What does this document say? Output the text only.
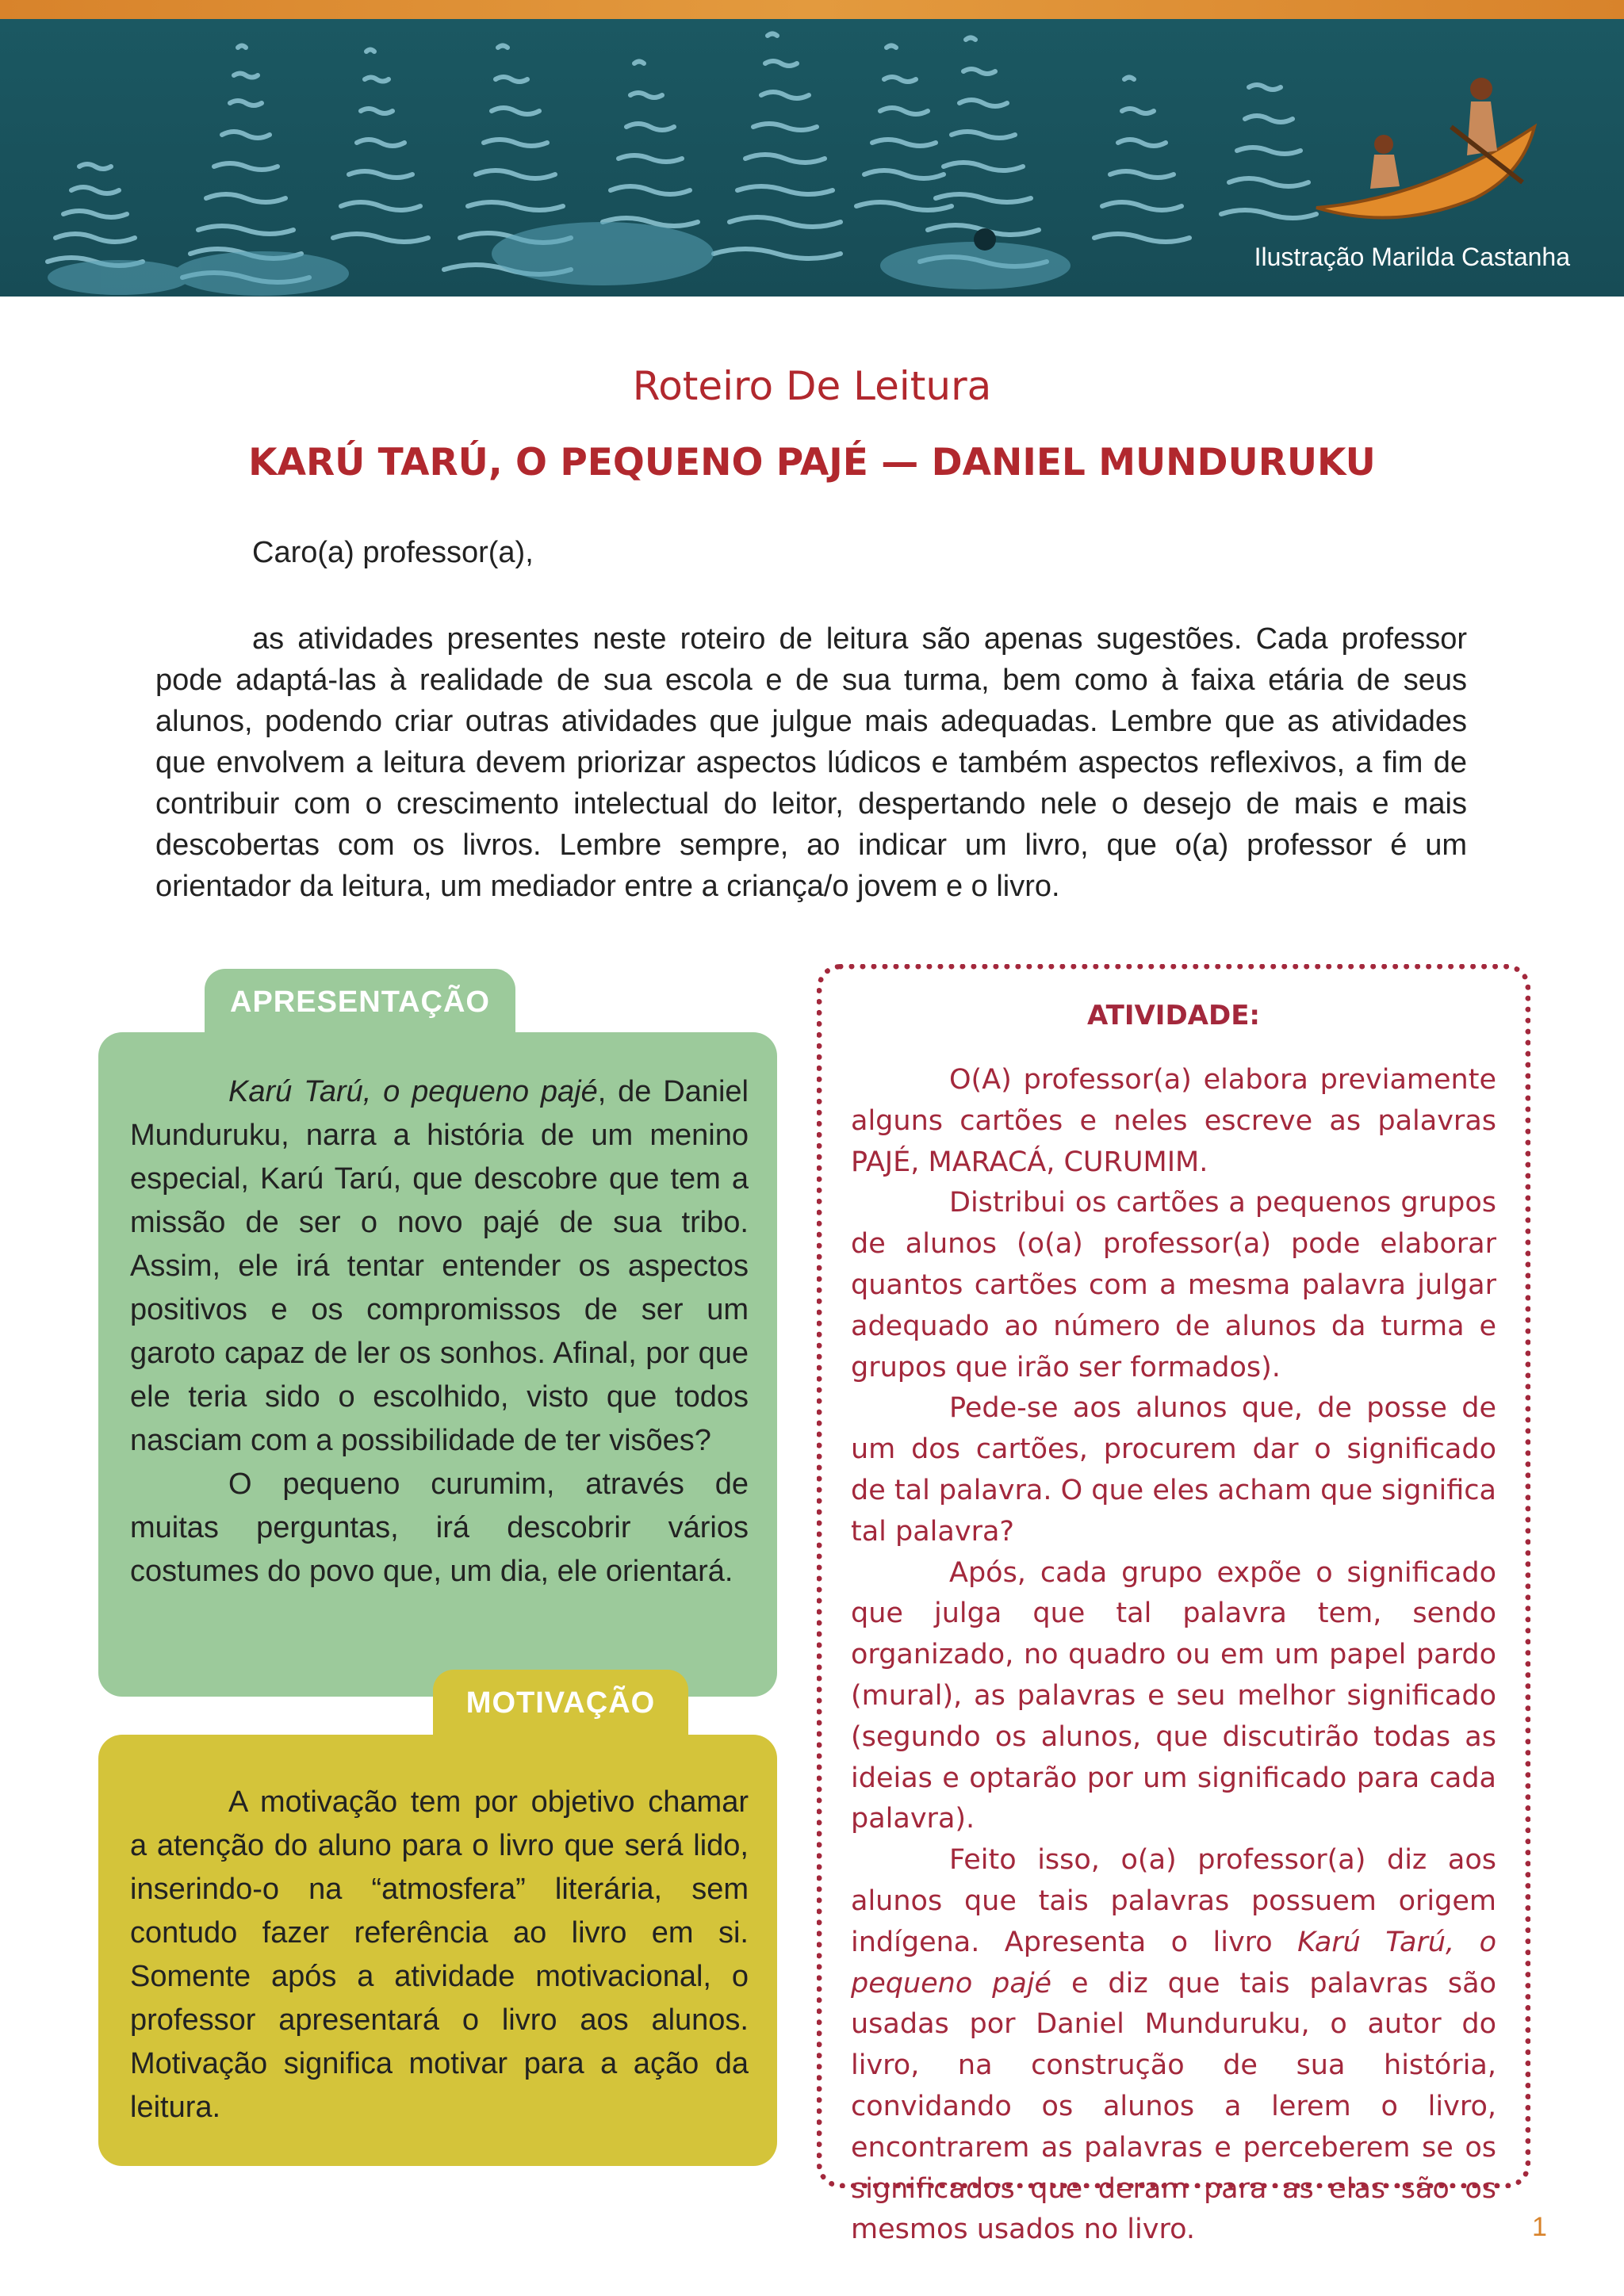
Ilustração Marilda Castanha
Roteiro De Leitura
KARÚ TARÚ, O PEQUENO PAJÉ — DANIEL MUNDURUKU
Caro(a) professor(a),

as atividades presentes neste roteiro de leitura são apenas sugestões. Cada professor pode adaptá-las à realidade de sua escola e de sua turma, bem como à faixa etária de seus alunos, podendo criar outras atividades que julgue mais adequadas. Lembre que as atividades que envolvem a leitura devem priorizar aspectos lúdicos e também aspectos reflexivos, a fim de contribuir com o crescimento intelectual do leitor, despertando nele o desejo de mais e mais descobertas com os livros. Lembre sempre, ao indicar um livro, que o(a) professor é um orientador da leitura, um mediador entre a criança/o jovem e o livro.

APRESENTAÇÃO

Karú Tarú, o pequeno pajé, de Daniel Munduruku, narra a história de um menino especial, Karú Tarú, que descobre que tem a missão de ser o novo pajé de sua tribo. Assim, ele irá tentar entender os aspectos positivos e os compromissos de ser um garoto capaz de ler os sonhos. Afinal, por que ele teria sido o escolhido, visto que todos nasciam com a possibilidade de ter visões?
O pequeno curumim, através de muitas perguntas, irá descobrir vários costumes do povo que, um dia, ele orientará.

MOTIVAÇÃO

A motivação tem por objetivo chamar a atenção do aluno para o livro que será lido, inserindo-o na “atmosfera” literária, sem contudo fazer referência ao livro em si. Somente após a atividade motivacional, o professor apresentará o livro aos alunos. Motivação significa motivar para a ação da leitura.

ATIVIDADE:

O(A) professor(a) elabora previamente alguns cartões e neles escreve as palavras PAJÉ, MARACÁ, CURUMIM.
Distribui os cartões a pequenos grupos de alunos (o(a) professor(a) pode elaborar quantos cartões com a mesma palavra julgar adequado ao número de alunos da turma e grupos que irão ser formados).
Pede-se aos alunos que, de posse de um dos cartões, procurem dar o significado de tal palavra. O que eles acham que significa tal palavra?
Após, cada grupo expõe o significado que julga que tal palavra tem, sendo organizado, no quadro ou em um papel pardo (mural), as palavras e seu melhor significado (segundo os alunos, que discutirão todas as ideias e optarão por um significado para cada palavra).
Feito isso, o(a) professor(a) diz aos alunos que tais palavras possuem origem indígena. Apresenta o livro Karú Tarú, o pequeno pajé e diz que tais palavras são usadas por Daniel Munduruku, o autor do livro, na construção de sua história, convidando os alunos a lerem o livro, encontrarem as palavras e perceberem se os significados que deram para as elas são os mesmos usados no livro.	1
